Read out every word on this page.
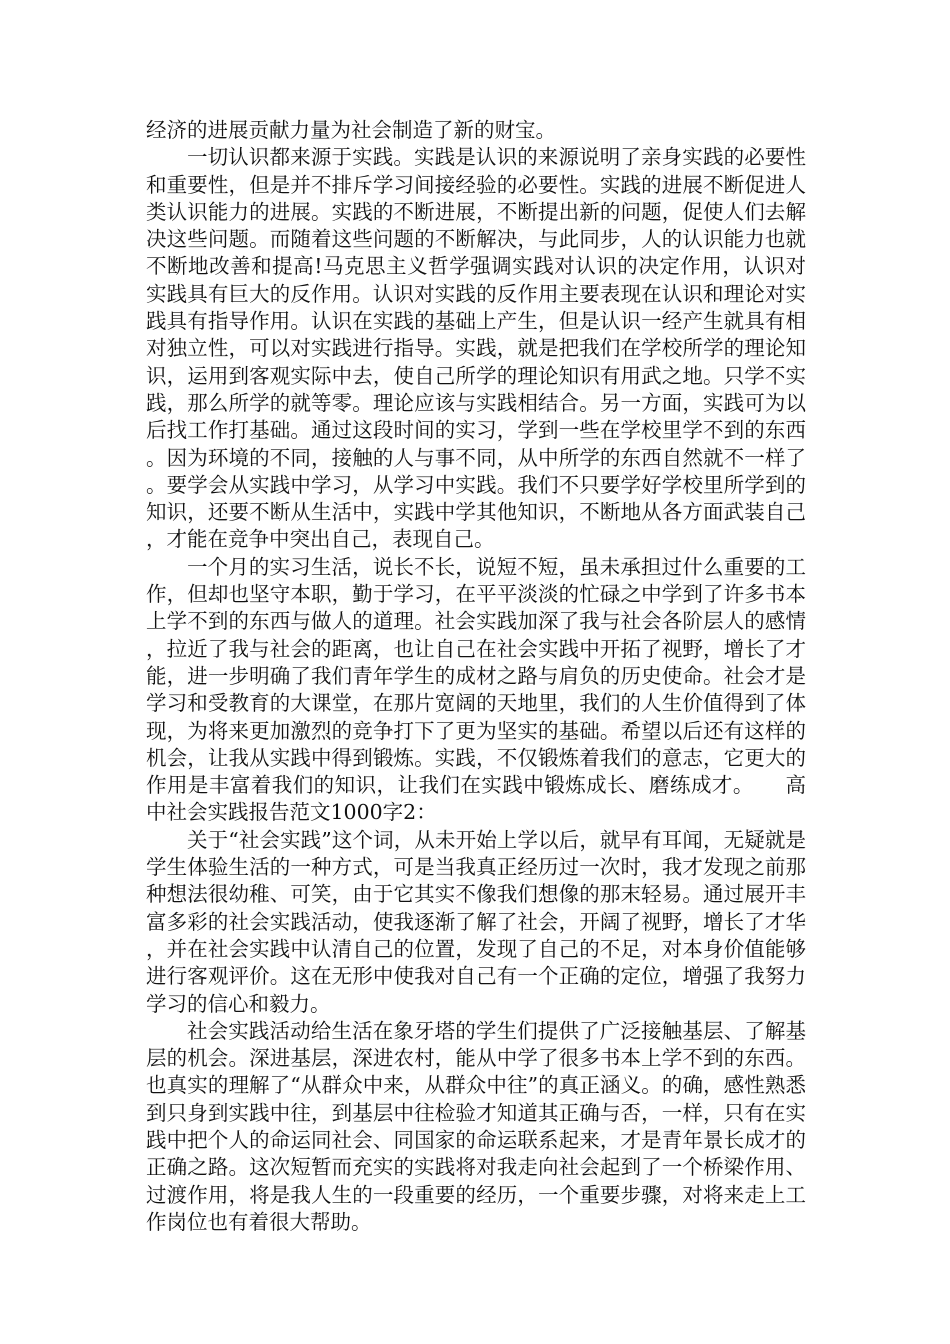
经济的进展贡献力量为社会制造了新的财宝。

一切认识都来源于实践。实践是认识的来源说明了亲身实践的必要性和重要性，但是并不排斥学习间接经验的必要性。实践的进展不断促进人类认识能力的进展。实践的不断进展，不断提出新的问题，促使人们去解决这些问题。而随着这些问题的不断解决，与此同步，人的认识能力也就不断地改善和提高!马克思主义哲学强调实践对认识的决定作用，认识对实践具有巨大的反作用。认识对实践的反作用主要表现在认识和理论对实践具有指导作用。认识在实践的基础上产生，但是认识一经产生就具有相对独立性，可以对实践进行指导。实践，就是把我们在学校所学的理论知识，运用到客观实际中去，使自己所学的理论知识有用武之地。只学不实践，那么所学的就等零。理论应该与实践相结合。另一方面，实践可为以后找工作打基础。通过这段时间的实习，学到一些在学校里学不到的东西。因为环境的不同，接触的人与事不同，从中所学的东西自然就不一样了。要学会从实践中学习，从学习中实践。我们不只要学好学校里所学到的知识，还要不断从生活中，实践中学其他知识，不断地从各方面武装自己，才能在竞争中突出自己，表现自己。

一个月的实习生活，说长不长，说短不短，虽未承担过什么重要的工作，但却也坚守本职，勤于学习，在平平淡淡的忙碌之中学到了许多书本上学不到的东西与做人的道理。社会实践加深了我与社会各阶层人的感情，拉近了我与社会的距离，也让自己在社会实践中开拓了视野，增长了才能，进一步明确了我们青年学生的成材之路与肩负的历史使命。社会才是学习和受教育的大课堂，在那片宽阔的天地里，我们的人生价值得到了体现，为将来更加激烈的竞争打下了更为坚实的基础。希望以后还有这样的机会，让我从实践中得到锻炼。实践，不仅锻炼着我们的意志，它更大的作用是丰富着我们的知识，让我们在实践中锻炼成长、磨练成才。　　高中社会实践报告范文1000字2：

关于“社会实践”这个词，从未开始上学以后，就早有耳闻，无疑就是学生体验生活的一种方式，可是当我真正经历过一次时，我才发现之前那种想法很幼稚、可笑，由于它其实不像我们想像的那末轻易。通过展开丰富多彩的社会实践活动，使我逐渐了解了社会，开阔了视野，增长了才华，并在社会实践中认清自己的位置，发现了自己的不足，对本身价值能够进行客观评价。这在无形中使我对自己有一个正确的定位，增强了我努力学习的信心和毅力。

社会实践活动给生活在象牙塔的学生们提供了广泛接触基层、了解基层的机会。深进基层，深进农村，能从中学了很多书本上学不到的东西。也真实的理解了“从群众中来，从群众中往”的真正涵义。的确，感性熟悉到只身到实践中往，到基层中往检验才知道其正确与否，一样，只有在实践中把个人的命运同社会、同国家的命运联系起来，才是青年景长成才的正确之路。这次短暂而充实的实践将对我走向社会起到了一个桥梁作用、过渡作用，将是我人生的一段重要的经历，一个重要步骤，对将来走上工作岗位也有着很大帮助。
